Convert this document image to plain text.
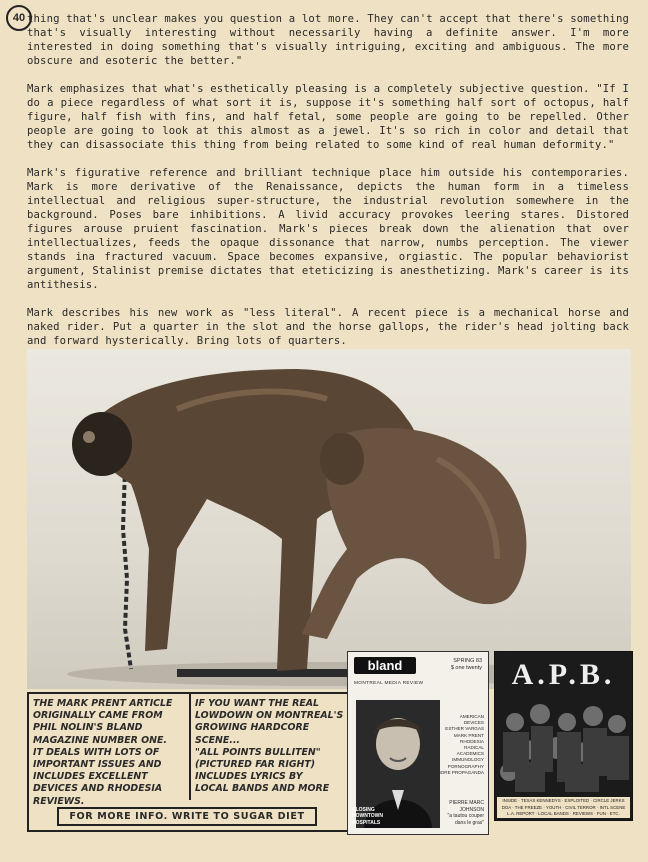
40 thing that's unclear makes you question a lot more. They can't accept that there's something that's visually interesting without necessarily having a definite answer. I'm more interested in doing something that's visually intriguing, exciting and ambiguous. The more obscure and esoteric the better."

Mark emphasizes that what's esthetically pleasing is a completely subjective question. "If I do a piece regardless of what sort it is, suppose it's something half sort of octopus, half figure, half fish with fins, and half fetal, some people are going to be repelled. Other people are going to look at this almost as a jewel. It's so rich in color and detail that they can disassociate this thing from being related to some kind of real human deformity."

Mark's figurative reference and brilliant technique place him outside his contemporaries. Mark is more derivative of the Renaissance, depicts the human form in a timeless intellectual and religious super-structure, the industrial revolution somewhere in the background. Poses bare inhibitions. A livid accuracy provokes leering stares. Distored figures arouse pruient fascination. Mark's pieces break down the alienation that over intellectualizes, feeds the opaque dissonance that narrow, numbs perception. The viewer stands ina fractured vacuum. Space becomes expansive, orgiastic. The popular behaviorist argument, Stalinist premise dictates that eteticizing is anesthetizing. Mark's career is its antithesis.

Mark describes his new work as "less literal". A recent piece is a mechanical horse and naked rider. Put a quarter in the slot and the horse gallops, the rider's head jolting back and forward hysterically. Bring lots of quarters.

THE MARK PRENT ARTICLE
ORIGINALLY CAME FROM
PHIL NOLIN'S BLAND
MAGAZINE NUMBER ONE.
IT DEALS WITH LOTS OF
IMPORTANT ISSUES AND
INCLUDES EXCELLENT
DEVICES AND RHODESIA
REVIEWS.
IF YOU WANT THE REAL
LOWDOWN ON MONTREAL'S
GROWING HARDCORE
SCENE...
"ALL POINTS BULLITEN"
(PICTURED FAR RIGHT)
INCLUDES LYRICS BY
LOCAL BANDS AND MORE
FOR MORE INFO. WRITE TO SUGAR DIET
bland	SPRING 83
$ one twenty
MONTREAL MEDIA REVIEW
AMERICAN
DEVICES
ESTHER VARGAS
MARK PRENT
RHODESIA
RADICAL
ACADEMICS
IMMUNOLOGY
PORNOGRAPHY
MORE PROPAGANDA
CLOSING
DOWNTOWN
HOSPITALS
PIERRE MARC
JOHNSON
"a tautou couper
dans le gras"
A.P.B.
INSIDE · TEXAS KENNEDYS · EXPLOITED · CIRCLE JERKS
DOA · THE FREEZE · YOUTH · CIVIL TERROR · INTL SCENE
L.A. REPORT · LOCAL BANDS · REVIEWS · FUN · ETC.
